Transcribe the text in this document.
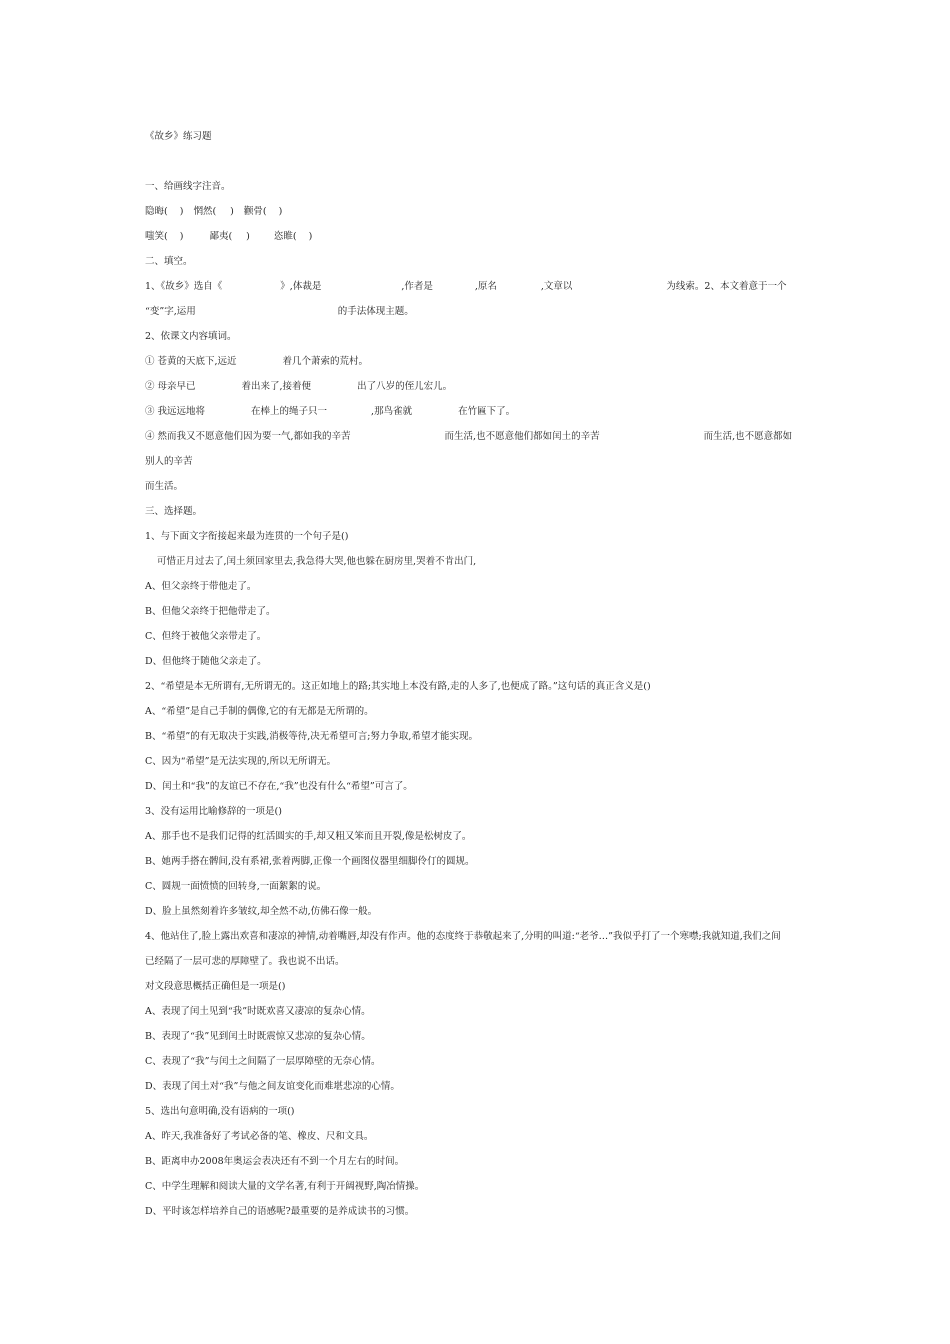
《故乡》练习题
一、给画线字注音。
隐晦( ) 惘然( ) 颧骨( )
嗤笑( )	鄙夷( )	恣睢( )
二、填空。
1、《故乡》选自《	》,体裁是	,作者是	,原名	,文章以	为线索。2、本文着意于一个
“变”字,运用	的手法体现主题。
2、依课文内容填词。
① 苍黄的天底下,远近	着几个萧索的荒村。
② 母亲早已	着出来了,接着便	出了八岁的侄儿宏儿。
③ 我远远地将	在棒上的绳子只一	,那鸟雀就	在竹匾下了。
④ 然而我又不愿意他们因为要一气,都如我的辛苦	而生活,也不愿意他们都如闰土的辛苦	而生活,也不愿意都如
别人的辛苦
而生活。
三、选择题。
1、与下面文字衔接起来最为连贯的一个句子是()
可惜正月过去了,闰土须回家里去,我急得大哭,他也躲在厨房里,哭着不肯出门,
A、但父亲终于带他走了。
B、但他父亲终于把他带走了。
C、但终于被他父亲带走了。
D、但他终于随他父亲走了。
2、“希望是本无所谓有,无所谓无的。这正如地上的路;其实地上本没有路,走的人多了,也便成了路。”这句话的真正含义是()
A、“希望”是自己手制的偶像,它的有无都是无所谓的。
B、“希望”的有无取决于实践,消极等待,决无希望可言;努力争取,希望才能实现。
C、因为“希望”是无法实现的,所以无所谓无。
D、闰土和“我”的友谊已不存在,“我”也没有什么“希望”可言了。
3、没有运用比喻修辞的一项是()
A、那手也不是我们记得的红活圆实的手,却又粗又笨而且开裂,像是松树皮了。
B、她两手搭在髀间,没有系裙,张着两脚,正像一个画图仪器里细脚伶仃的圆规。
C、圆规一面愤愤的回转身,一面絮絮的说。
D、脸上虽然刻着许多皱纹,却全然不动,仿佛石像一般。
4、他站住了,脸上露出欢喜和凄凉的神情,动着嘴唇,却没有作声。他的态度终于恭敬起来了,分明的叫道:“老爷…”我似乎打了一个寒噤;我就知道,我们之间
已经隔了一层可悲的厚障壁了。我也说不出话。
对文段意思概括正确但是一项是()
A、表现了闰土见到“我”时既欢喜又凄凉的复杂心情。
B、表现了“我”见到闰土时既震惊又悲凉的复杂心情。
C、表现了“我”与闰土之间隔了一层厚障壁的无奈心情。
D、表现了闰土对“我”与他之间友谊变化而难堪悲凉的心情。
5、选出句意明确,没有语病的一项()
A、昨天,我准备好了考试必备的笔、橡皮、尺和文具。
B、距离申办2008年奥运会表决还有不到一个月左右的时间。
C、中学生理解和阅读大量的文学名著,有利于开阔视野,陶冶情操。
D、平时该怎样培养自己的语感呢?最重要的是养成读书的习惯。
